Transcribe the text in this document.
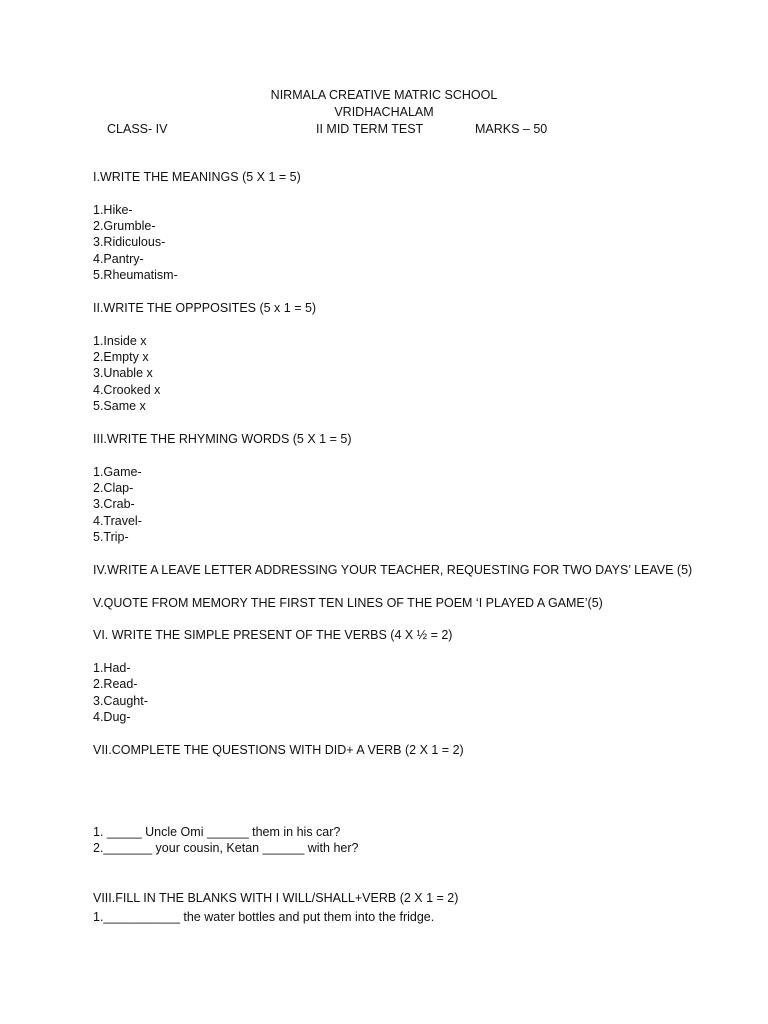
NIRMALA CREATIVE MATRIC SCHOOL
VRIDHACHALAM
CLASS- IV	II MID TERM TEST	MARKS – 50
I.WRITE THE MEANINGS (5 X 1 = 5)
1.Hike-
2.Grumble-
3.Ridiculous-
4.Pantry-
5.Rheumatism-
II.WRITE THE OPPPOSITES (5 x 1 = 5)
1.Inside x
2.Empty x
3.Unable x
4.Crooked x
5.Same x
III.WRITE THE RHYMING WORDS (5 X 1 = 5)
1.Game-
2.Clap-
3.Crab-
4.Travel-
5.Trip-
IV.WRITE A LEAVE LETTER ADDRESSING YOUR TEACHER, REQUESTING FOR TWO DAYS’ LEAVE (5)
V.QUOTE FROM MEMORY THE FIRST TEN LINES OF THE POEM ‘I PLAYED A GAME’(5)
VI. WRITE THE SIMPLE PRESENT OF THE VERBS (4 X ½ = 2)
1.Had-
2.Read-
3.Caught-
4.Dug-
VII.COMPLETE THE QUESTIONS WITH DID+ A VERB (2 X 1 = 2)
1. _____ Uncle Omi ______ them in his car?
2._______ your cousin, Ketan ______ with her?
VIII.FILL IN THE BLANKS WITH I WILL/SHALL+VERB (2 X 1 = 2)
1.___________ the water bottles and put them into the fridge.
